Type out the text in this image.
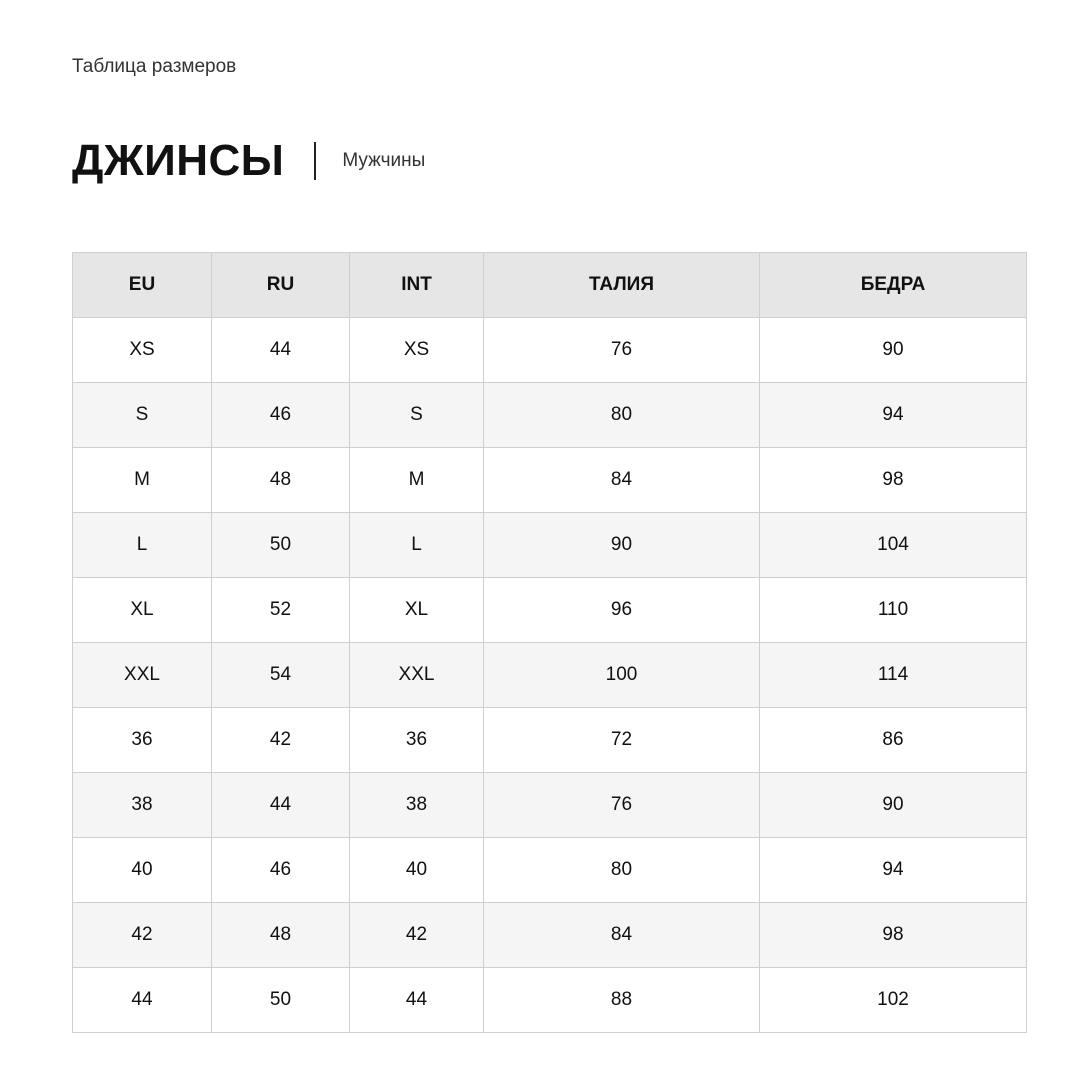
Таблица размеров
ДЖИНСЫ	Мужчины
EU	RU	INT	ТАЛИЯ	БЕДРА
XS	44	XS	76	90
S	46	S	80	94
M	48	M	84	98
L	50	L	90	104
XL	52	XL	96	110
XXL	54	XXL	100	114
36	42	36	72	86
38	44	38	76	90
40	46	40	80	94
42	48	42	84	98
44	50	44	88	102
